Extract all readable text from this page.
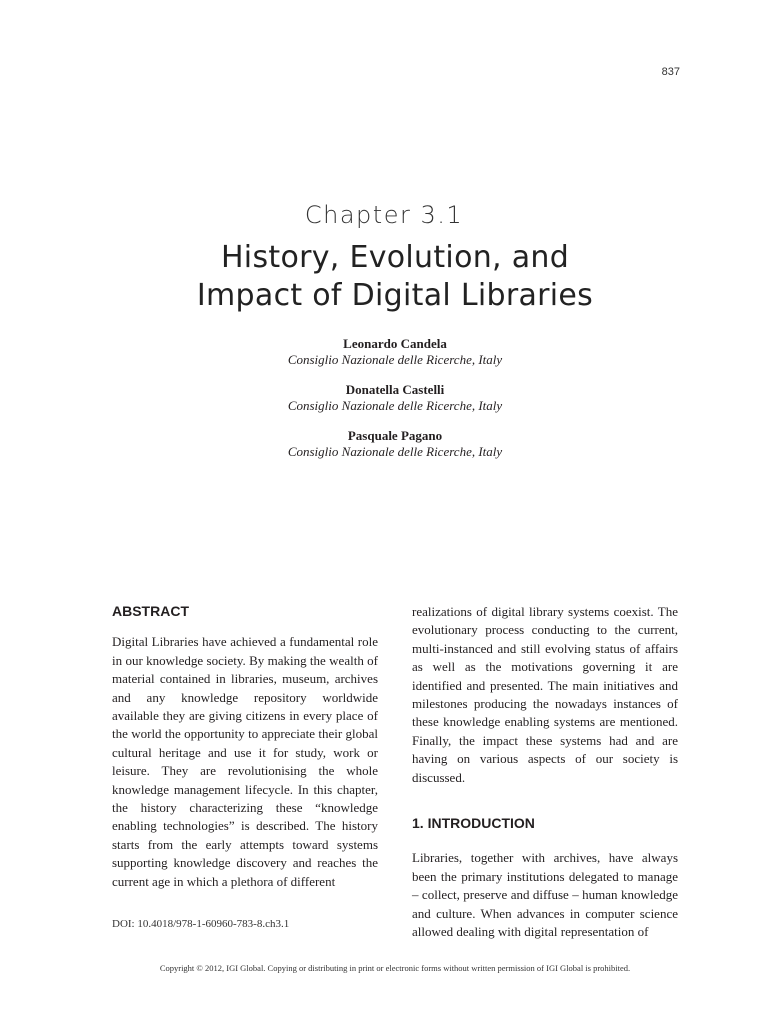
837
Chapter 3.1
History, Evolution, and
Impact of Digital Libraries
Leonardo Candela
Consiglio Nazionale delle Ricerche, Italy
Donatella Castelli
Consiglio Nazionale delle Ricerche, Italy
Pasquale Pagano
Consiglio Nazionale delle Ricerche, Italy
ABSTRACT

Digital Libraries have achieved a fundamental role in our knowledge society. By making the wealth of material contained in libraries, museum, archives and any knowledge repository worldwide available they are giving citizens in every place of the world the opportunity to appreciate their global cultural heritage and use it for study, work or leisure. They are revolutionising the whole knowledge management lifecycle. In this chapter, the history characterizing these “knowledge enabling technologies” is described. The history starts from the early attempts toward systems supporting knowledge discovery and reaches the current age in which a plethora of different

realizations of digital library systems coexist. The evolutionary process conducting to the current, multi-instanced and still evolving status of affairs as well as the motivations governing it are identified and presented. The main initiatives and milestones producing the nowadays instances of these knowledge enabling systems are mentioned. Finally, the impact these systems had and are having on various aspects of our society is discussed.

1. INTRODUCTION

Libraries, together with archives, have always been the primary institutions delegated to manage – collect, preserve and diffuse – human knowledge and culture. When advances in computer science allowed dealing with digital representation of

DOI: 10.4018/978-1-60960-783-8.ch3.1
Copyright © 2012, IGI Global. Copying or distributing in print or electronic forms without written permission of IGI Global is prohibited.
